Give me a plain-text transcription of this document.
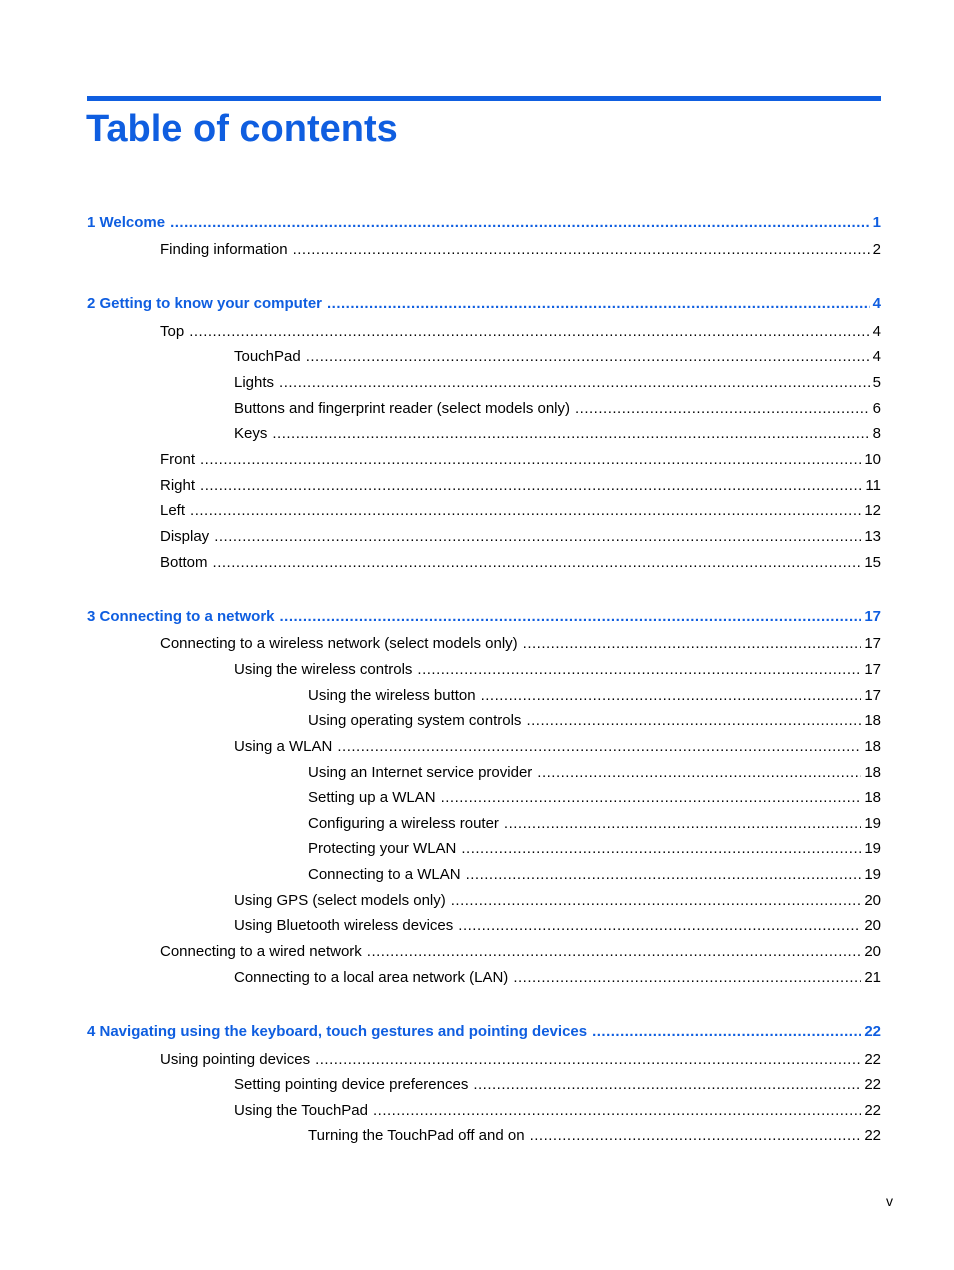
Table of contents
1 Welcome .....	1
Finding information .....	2
2 Getting to know your computer .....	4
Top .....	4
TouchPad .....	4
Lights .....	5
Buttons and fingerprint reader (select models only) .....	6
Keys .....	8
Front .....	10
Right .....	11
Left .....	12
Display .....	13
Bottom .....	15
3 Connecting to a network .....	17
Connecting to a wireless network (select models only) .....	17
Using the wireless controls .....	17
Using the wireless button .....	17
Using operating system controls .....	18
Using a WLAN .....	18
Using an Internet service provider .....	18
Setting up a WLAN .....	18
Configuring a wireless router .....	19
Protecting your WLAN .....	19
Connecting to a WLAN .....	19
Using GPS (select models only) .....	20
Using Bluetooth wireless devices .....	20
Connecting to a wired network .....	20
Connecting to a local area network (LAN) .....	21
4 Navigating using the keyboard, touch gestures and pointing devices .....	22
Using pointing devices .....	22
Setting pointing device preferences .....	22
Using the TouchPad .....	22
Turning the TouchPad off and on .....	22
v
